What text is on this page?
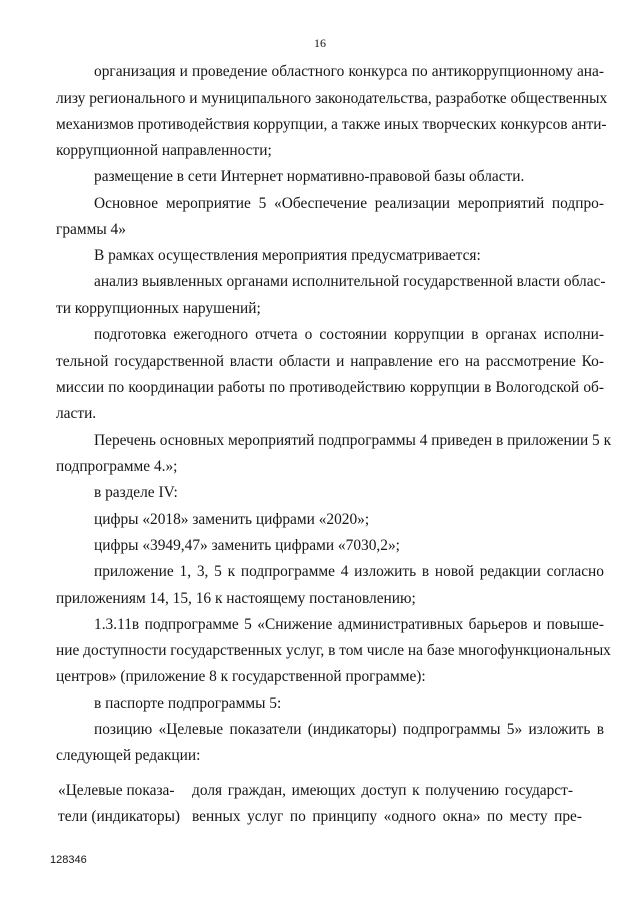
16
организация и проведение областного конкурса по антикоррупционному ана-
лизу регионального и муниципального законодательства, разработке общественных
механизмов противодействия коррупции, а также иных творческих конкурсов анти-
коррупционной направленности;
размещение в сети Интернет нормативно-правовой базы области.
Основное мероприятие 5 «Обеспечение реализации мероприятий подпро-
граммы 4»
В рамках осуществления мероприятия предусматривается:
анализ выявленных органами исполнительной государственной власти облас-
ти коррупционных нарушений;
подготовка ежегодного отчета о состоянии коррупции в органах исполни-
тельной государственной власти области и направление его на рассмотрение Ко-
миссии по координации работы по противодействию коррупции в Вологодской об-
ласти.
Перечень основных мероприятий подпрограммы 4 приведен в приложении 5 к
подпрограмме 4.»;
в разделе IV:
цифры «2018» заменить цифрами «2020»;
цифры «3949,47» заменить цифрами «7030,2»;
приложение 1, 3, 5 к подпрограмме 4 изложить в новой редакции согласно
приложениям 14, 15, 16 к настоящему постановлению;
1.3.11в подпрограмме 5 «Снижение административных барьеров и повыше-
ние доступности государственных услуг, в том числе на базе многофункциональных
центров» (приложение 8 к государственной программе):
в паспорте подпрограммы 5:
позицию «Целевые показатели (индикаторы) подпрограммы 5» изложить в
следующей редакции:
«Целевые показа-
тели (индикаторы)
доля граждан, имеющих доступ к получению государст-
венных услуг по принципу «одного окна» по месту пре-
128346
